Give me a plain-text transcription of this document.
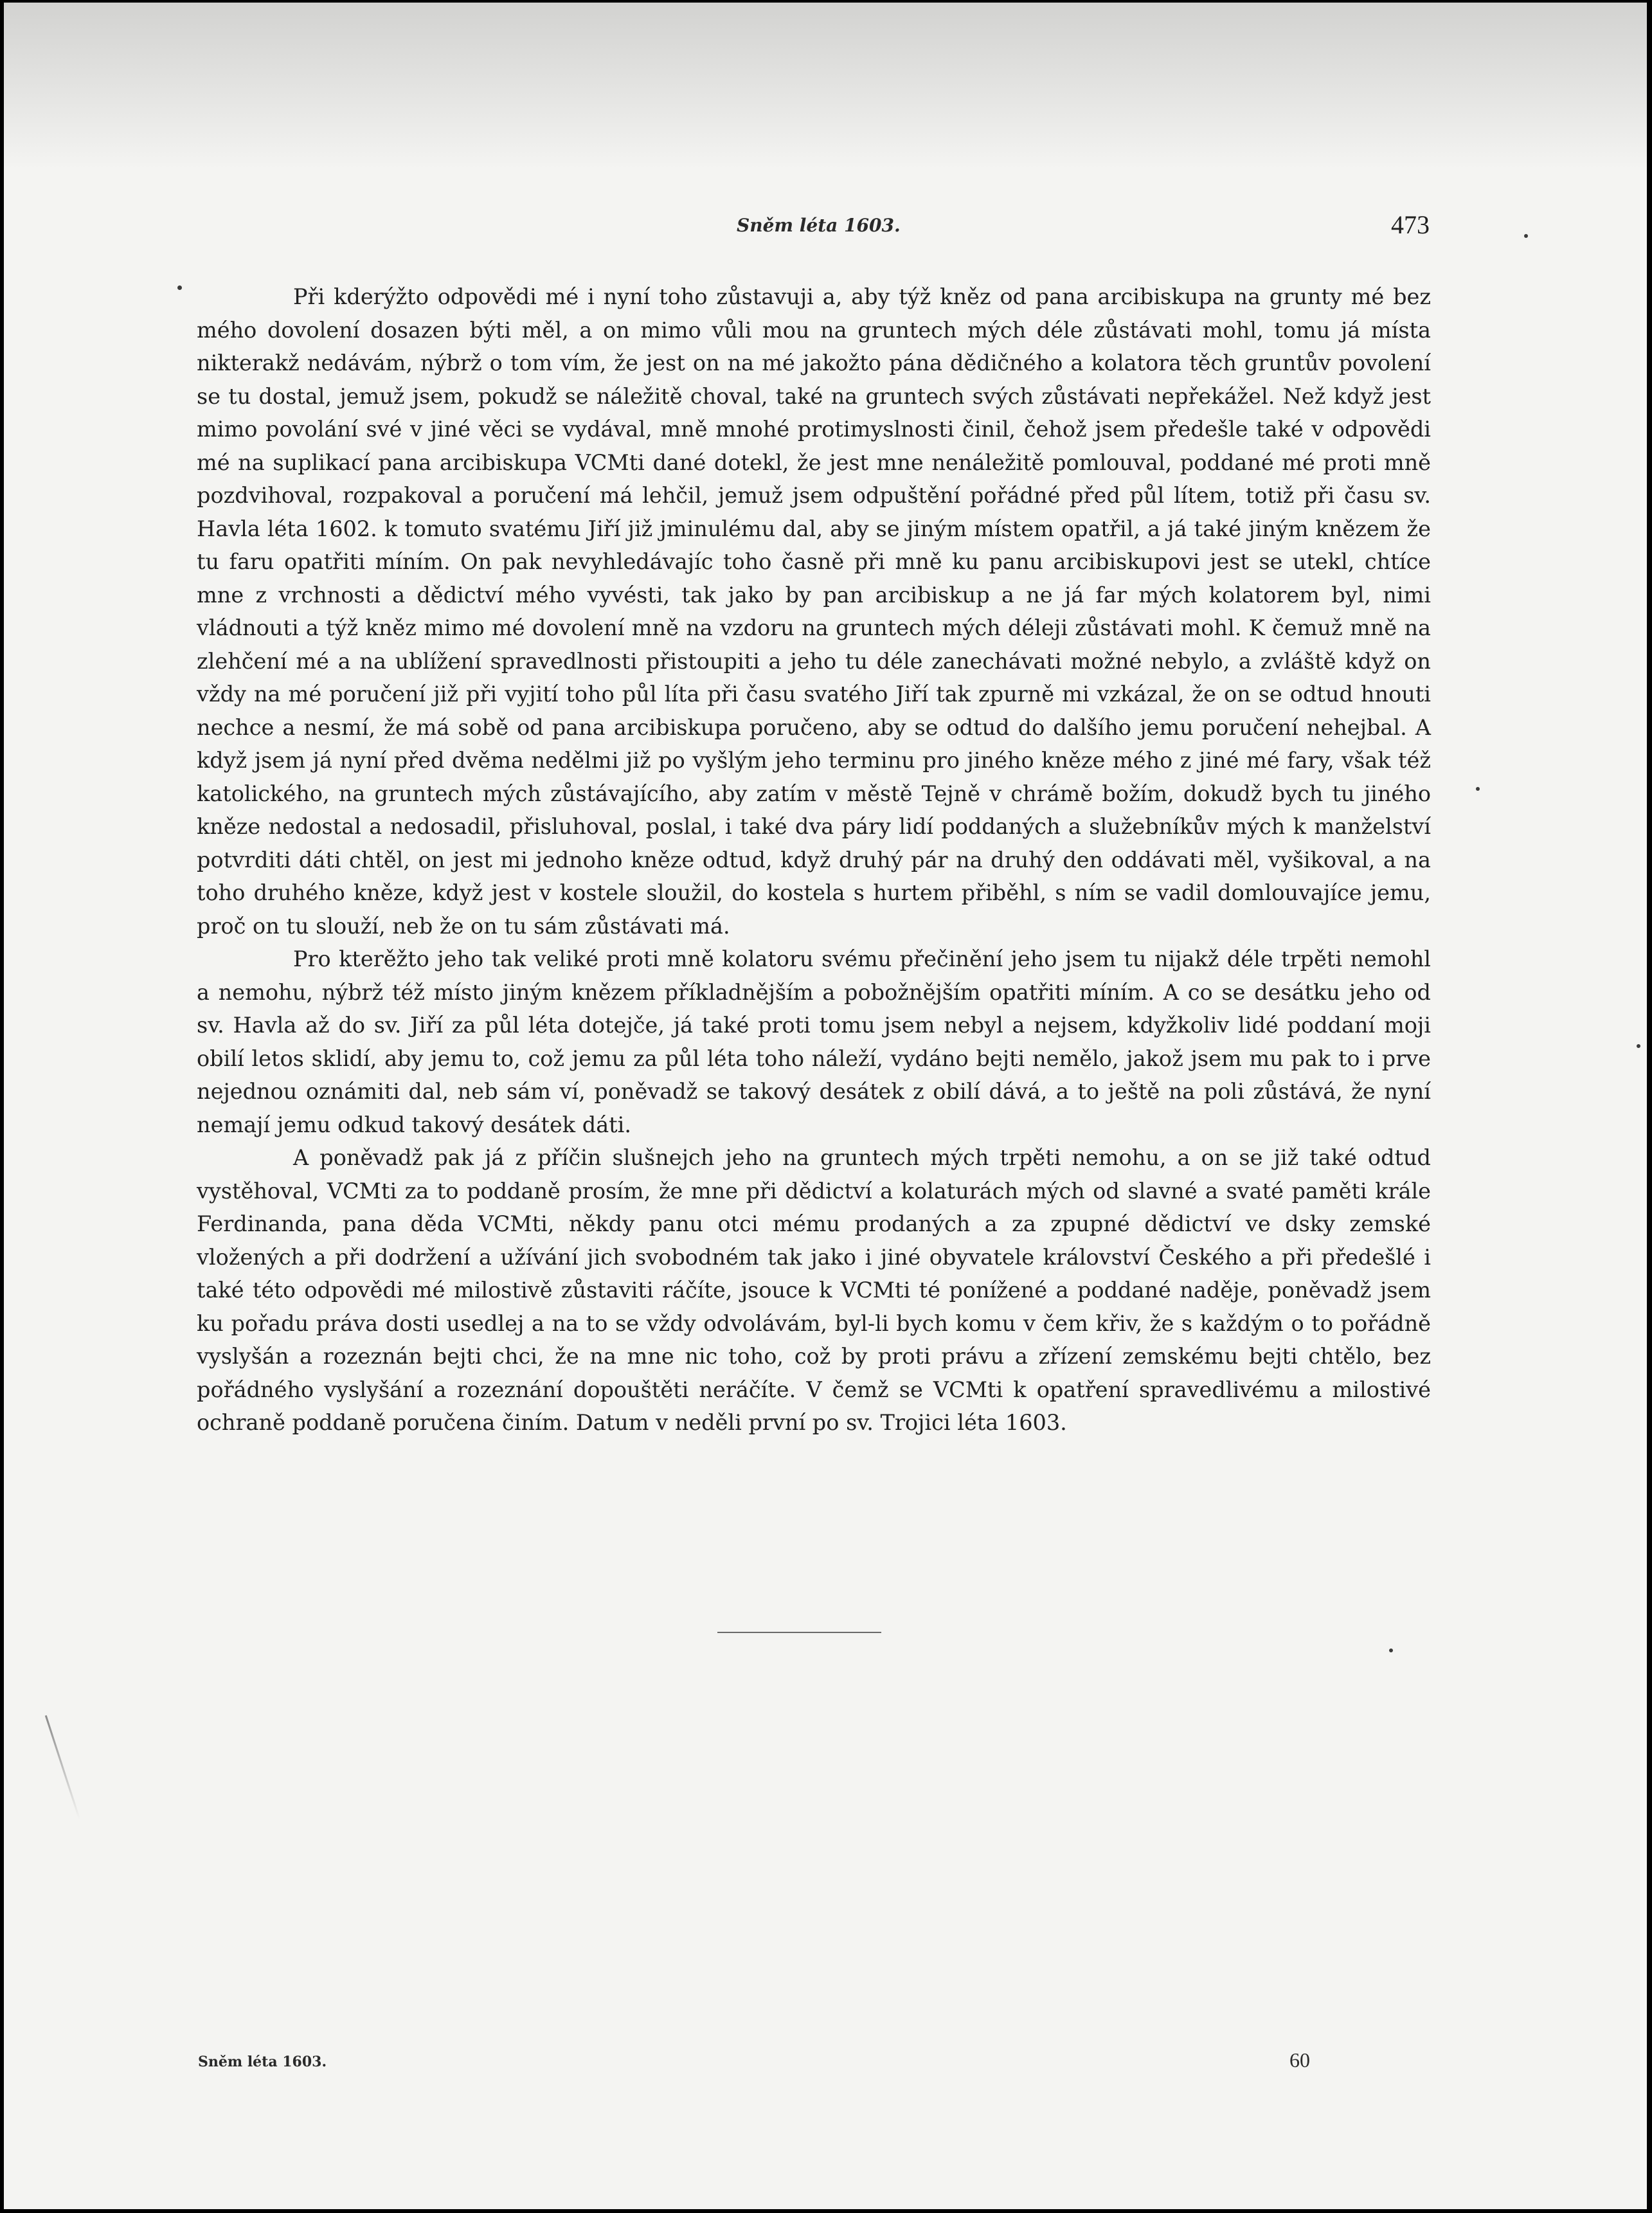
Sněm léta 1603.	473

Při kderýžto odpovědi mé i nyní toho zůstavuji a, aby týž kněz od pana arcibiskupa na grunty mé bez mého dovolení dosazen býti měl, a on mimo vůli mou na gruntech mých déle zůstávati mohl, tomu já místa nikterakž nedávám, nýbrž o tom vím, že jest on na mé jakožto pána dědičného a kolatora těch gruntův povolení se tu dostal, jemuž jsem, pokudž se náležitě choval, také na gruntech svých zůstávati nepřekážel. Než když jest mimo povolání své v jiné věci se vydával, mně mnohé protimyslnosti činil, čehož jsem předešle také v odpovědi mé na suplikací pana arcibiskupa VCMti dané dotekl, že jest mne nenáležitě pomlouval, poddané mé proti mně pozdvihoval, rozpakoval a poručení má lehčil, jemuž jsem odpuštění pořádné před půl lítem, totiž při času sv. Havla léta 1602. k tomuto svatému Jiří již jminulému dal, aby se jiným místem opatřil, a já také jiným knězem že tu faru opatřiti míním. On pak nevyhledávajíc toho časně při mně ku panu arcibiskupovi jest se utekl, chtíce mne z vrchnosti a dědictví mého vyvésti, tak jako by pan arcibiskup a ne já far mých kolatorem byl, nimi vládnouti a týž kněz mimo mé dovolení mně na vzdoru na gruntech mých déleji zůstávati mohl. K čemuž mně na zlehčení mé a na ublížení spravedlnosti přistoupiti a jeho tu déle zanechávati možné nebylo, a zvláště když on vždy na mé poručení již při vyjití toho půl líta při času svatého Jiří tak zpurně mi vzkázal, že on se odtud hnouti nechce a nesmí, že má sobě od pana arcibiskupa poručeno, aby se odtud do dalšího jemu poručení nehejbal. A když jsem já nyní před dvěma nedělmi již po vyšlým jeho terminu pro jiného kněze mého z jiné mé fary, však též katolického, na gruntech mých zůstávajícího, aby zatím v městě Tejně v chrámě božím, dokudž bych tu jiného kněze nedostal a nedosadil, přisluhoval, poslal, i také dva páry lidí poddaných a služebníkův mých k manželství potvrditi dáti chtěl, on jest mi jednoho kněze odtud, když druhý pár na druhý den oddávati měl, vyšikoval, a na toho druhého kněze, když jest v kostele sloužil, do kostela s hurtem přiběhl, s ním se vadil domlouvajíce jemu, proč on tu slouží, neb že on tu sám zůstávati má.

Pro kterěžto jeho tak veliké proti mně kolatoru svému přečinění jeho jsem tu nijakž déle trpěti nemohl a nemohu, nýbrž též místo jiným knězem příkladnějším a pobožnějším opatřiti míním. A co se desátku jeho od sv. Havla až do sv. Jiří za půl léta dotejče, já také proti tomu jsem nebyl a nejsem, kdyžkoliv lidé poddaní moji obilí letos sklidí, aby jemu to, což jemu za půl léta toho náleží, vydáno bejti nemělo, jakož jsem mu pak to i prve nejednou oznámiti dal, neb sám ví, poněvadž se takový desátek z obilí dává, a to ještě na poli zůstává, že nyní nemají jemu odkud takový desátek dáti.

A poněvadž pak já z příčin slušnejch jeho na gruntech mých trpěti nemohu, a on se již také odtud vystěhoval, VCMti za to poddaně prosím, že mne při dědictví a kolaturách mých od slavné a svaté paměti krále Ferdinanda, pana děda VCMti, někdy panu otci mému prodaných a za zpupné dědictví ve dsky zemské vložených a při dodržení a užívání jich svobodném tak jako i jiné obyvatele království Českého a při předešlé i také této odpovědi mé milostivě zůstaviti ráčíte, jsouce k VCMti té ponížené a poddané naděje, poněvadž jsem ku pořadu práva dosti usedlej a na to se vždy odvolávám, byl-li bych komu v čem křiv, že s každým o to pořádně vyslyšán a rozeznán bejti chci, že na mne nic toho, což by proti právu a zřízení zemskému bejti chtělo, bez pořádného vyslyšání a rozeznání dopouštěti neráčíte. V čemž se VCMti k opatření spravedlivému a milostivé ochraně poddaně poručena činím. Datum v neděli první po sv. Trojici léta 1603.

Sněm léta 1603.	60
